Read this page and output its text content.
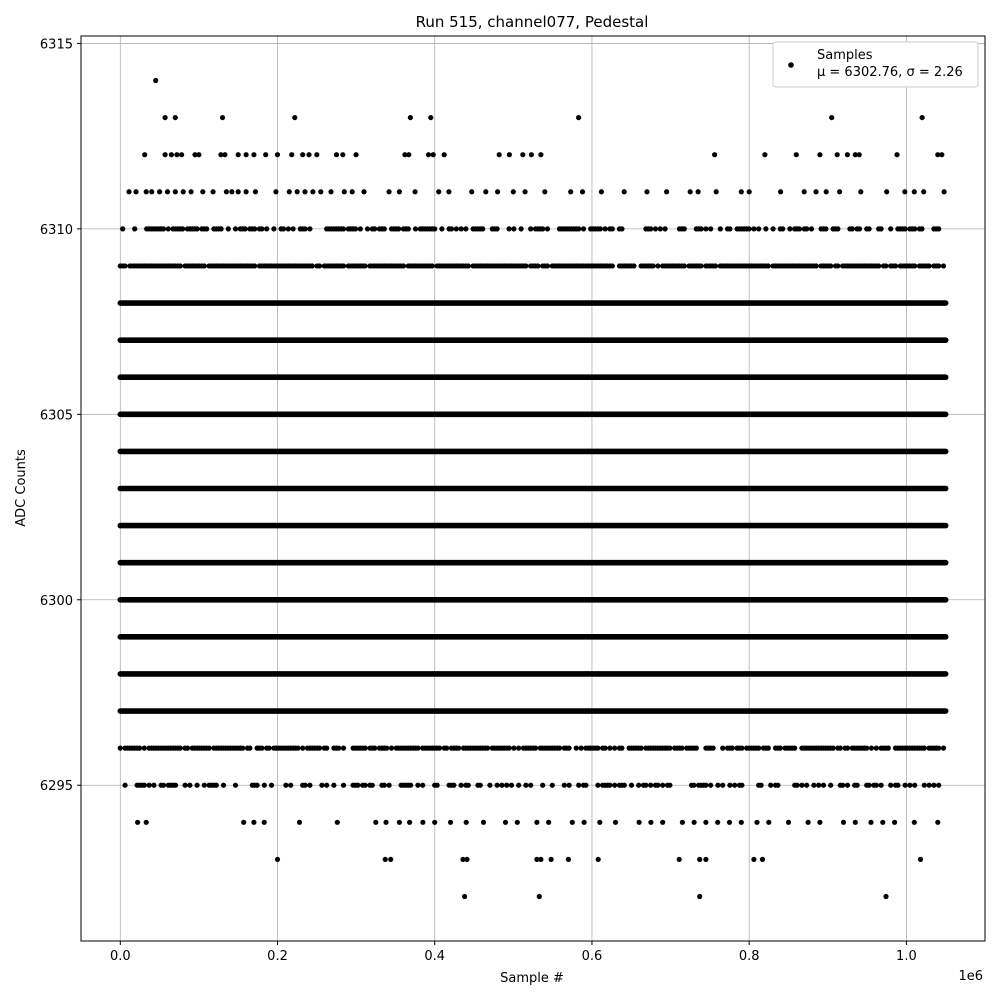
Run 515, channel077, Pedestal
0.0	0.2	0.4	0.6	0.8	1.0
6295
6300
6305
6310
6315
Sample #
ADC Counts
1e6
Samples
μ = 6302.76, σ = 2.26
